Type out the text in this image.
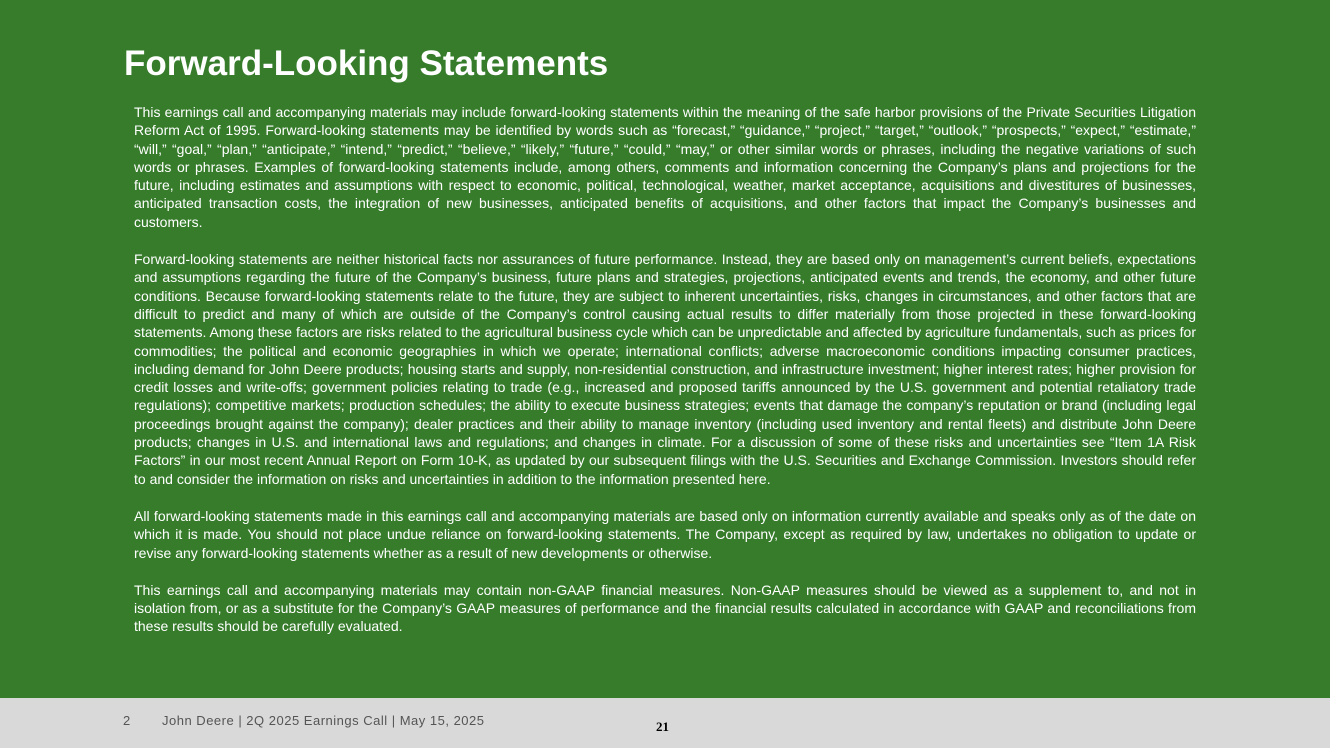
Forward-Looking Statements

This earnings call and accompanying materials may include forward-looking statements within the meaning of the safe harbor provisions of the Private Securities Litigation Reform Act of 1995. Forward-looking statements may be identified by words such as “forecast,” “guidance,” “project,” “target,” “outlook,” “prospects,” “expect,” “estimate,” “will,” “goal,” “plan,” “anticipate,” “intend,” “predict,” “believe,” “likely,” “future,” “could,” “may,” or other similar words or phrases, including the negative variations of such words or phrases. Examples of forward-looking statements include, among others, comments and information concerning the Company’s plans and projections for the future, including estimates and assumptions with respect to economic, political, technological, weather, market acceptance, acquisitions and divestitures of businesses, anticipated transaction costs, the integration of new businesses, anticipated benefits of acquisitions, and other factors that impact the Company’s businesses and customers.

Forward-looking statements are neither historical facts nor assurances of future performance. Instead, they are based only on management’s current beliefs, expectations and assumptions regarding the future of the Company’s business, future plans and strategies, projections, anticipated events and trends, the economy, and other future conditions. Because forward-looking statements relate to the future, they are subject to inherent uncertainties, risks, changes in circumstances, and other factors that are difficult to predict and many of which are outside of the Company’s control causing actual results to differ materially from those projected in these forward-looking statements. Among these factors are risks related to the agricultural business cycle which can be unpredictable and affected by agriculture fundamentals, such as prices for commodities; the political and economic geographies in which we operate; international conflicts; adverse macroeconomic conditions impacting consumer practices, including demand for John Deere products; housing starts and supply, non-residential construction, and infrastructure investment; higher interest rates; higher provision for credit losses and write-offs; government policies relating to trade (e.g., increased and proposed tariffs announced by the U.S. government and potential retaliatory trade regulations); competitive markets; production schedules; the ability to execute business strategies; events that damage the company’s reputation or brand (including legal proceedings brought against the company); dealer practices and their ability to manage inventory (including used inventory and rental fleets) and distribute John Deere products; changes in U.S. and international laws and regulations; and changes in climate. For a discussion of some of these risks and uncertainties see “Item 1A Risk Factors” in our most recent Annual Report on Form 10-K, as updated by our subsequent filings with the U.S. Securities and Exchange Commission. Investors should refer to and consider the information on risks and uncertainties in addition to the information presented here.

All forward-looking statements made in this earnings call and accompanying materials are based only on information currently available and speaks only as of the date on which it is made. You should not place undue reliance on forward-looking statements. The Company, except as required by law, undertakes no obligation to update or revise any forward-looking statements whether as a result of new developments or otherwise.

This earnings call and accompanying materials may contain non-GAAP financial measures. Non-GAAP measures should be viewed as a supplement to, and not in isolation from, or as a substitute for the Company’s GAAP measures of performance and the financial results calculated in accordance with GAAP and reconciliations from these results should be carefully evaluated.

2 John Deere | 2Q 2025 Earnings Call | May 15, 2025	21
